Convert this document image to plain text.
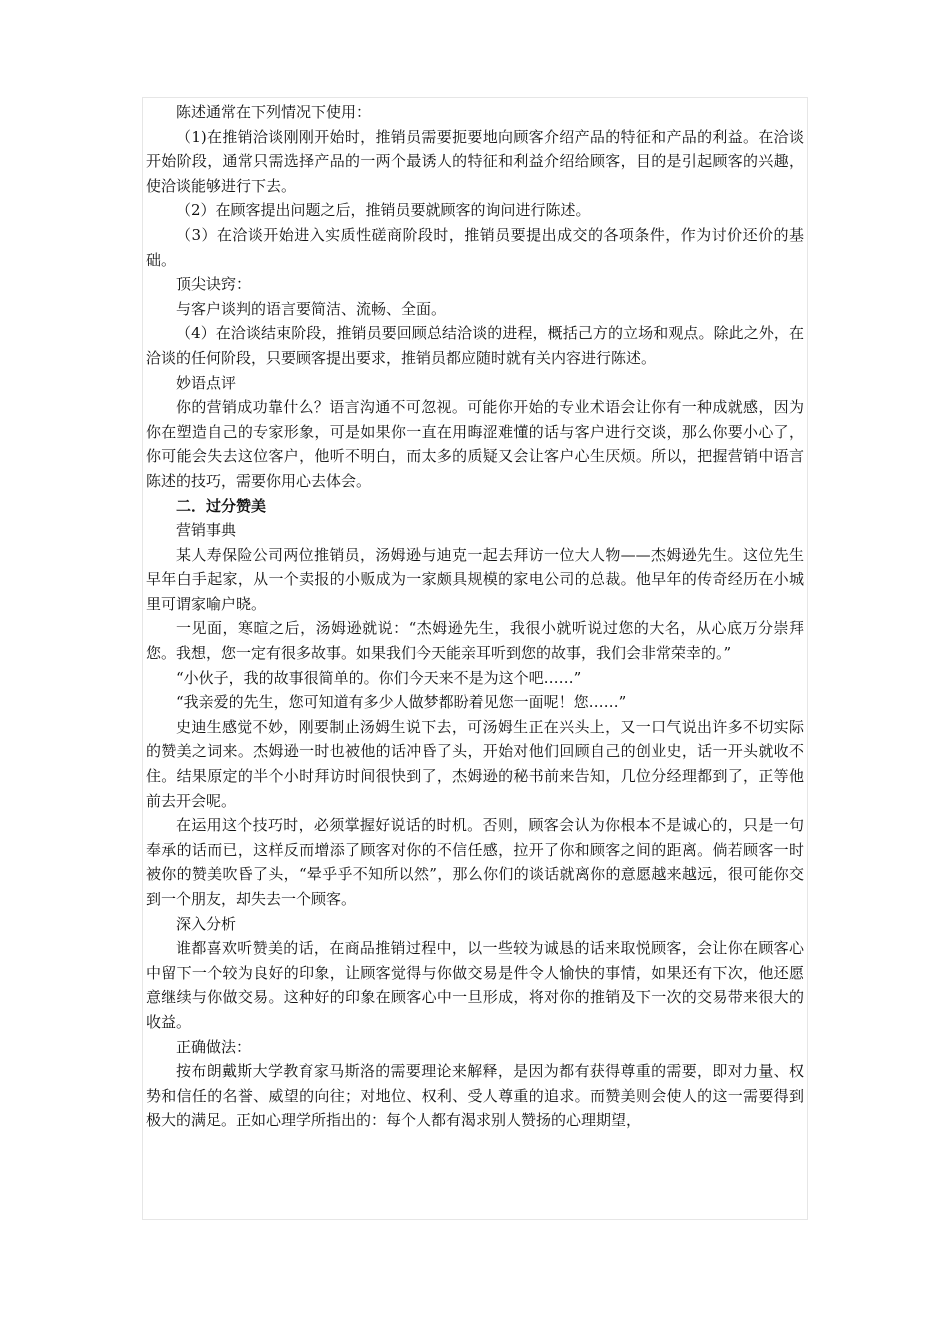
陈述通常在下列情况下使用：

（1)在推销洽谈刚刚开始时，推销员需要扼要地向顾客介绍产品的特征和产品的利益。在洽谈开始阶段，通常只需选择产品的一两个最诱人的特征和利益介绍给顾客，目的是引起顾客的兴趣，使洽谈能够进行下去。

（2）在顾客提出问题之后，推销员要就顾客的询问进行陈述。

（3）在洽谈开始进入实质性磋商阶段时，推销员要提出成交的各项条件，作为讨价还价的基础。

顶尖诀窍：

与客户谈判的语言要简洁、流畅、全面。

（4）在洽谈结束阶段，推销员要回顾总结洽谈的进程，概括己方的立场和观点。除此之外，在洽谈的任何阶段，只要顾客提出要求，推销员都应随时就有关内容进行陈述。

妙语点评

你的营销成功靠什么？语言沟通不可忽视。可能你开始的专业术语会让你有一种成就感，因为你在塑造自己的专家形象，可是如果你一直在用晦涩难懂的话与客户进行交谈，那么你要小心了，你可能会失去这位客户，他听不明白，而太多的质疑又会让客户心生厌烦。所以，把握营销中语言陈述的技巧，需要你用心去体会。

二．过分赞美

营销事典

某人寿保险公司两位推销员，汤姆逊与迪克一起去拜访一位大人物——杰姆逊先生。这位先生早年白手起家，从一个卖报的小贩成为一家颇具规模的家电公司的总裁。他早年的传奇经历在小城里可谓家喻户晓。

一见面，寒暄之后，汤姆逊就说：“杰姆逊先生，我很小就听说过您的大名，从心底万分崇拜您。我想，您一定有很多故事。如果我们今天能亲耳听到您的故事，我们会非常荣幸的。”

“小伙子，我的故事很简单的。你们今天来不是为这个吧……”

“我亲爱的先生，您可知道有多少人做梦都盼着见您一面呢！您……”

史迪生感觉不妙，刚要制止汤姆生说下去，可汤姆生正在兴头上，又一口气说出许多不切实际的赞美之词来。杰姆逊一时也被他的话冲昏了头，开始对他们回顾自己的创业史，话一开头就收不住。结果原定的半个小时拜访时间很快到了，杰姆逊的秘书前来告知，几位分经理都到了，正等他前去开会呢。

在运用这个技巧时，必须掌握好说话的时机。否则，顾客会认为你根本不是诚心的，只是一句奉承的话而已，这样反而增添了顾客对你的不信任感，拉开了你和顾客之间的距离。倘若顾客一时被你的赞美吹昏了头，“晕乎乎不知所以然”，那么你们的谈话就离你的意愿越来越远，很可能你交到一个朋友，却失去一个顾客。

深入分析

谁都喜欢听赞美的话，在商品推销过程中，以一些较为诚恳的话来取悦顾客，会让你在顾客心中留下一个较为良好的印象，让顾客觉得与你做交易是件令人愉快的事情，如果还有下次，他还愿意继续与你做交易。这种好的印象在顾客心中一旦形成，将对你的推销及下一次的交易带来很大的收益。

正确做法：

按布朗戴斯大学教育家马斯洛的需要理论来解释，是因为都有获得尊重的需要，即对力量、权势和信任的名誉、威望的向往；对地位、权利、受人尊重的追求。而赞美则会使人的这一需要得到极大的满足。正如心理学所指出的：每个人都有渴求别人赞扬的心理期望，
